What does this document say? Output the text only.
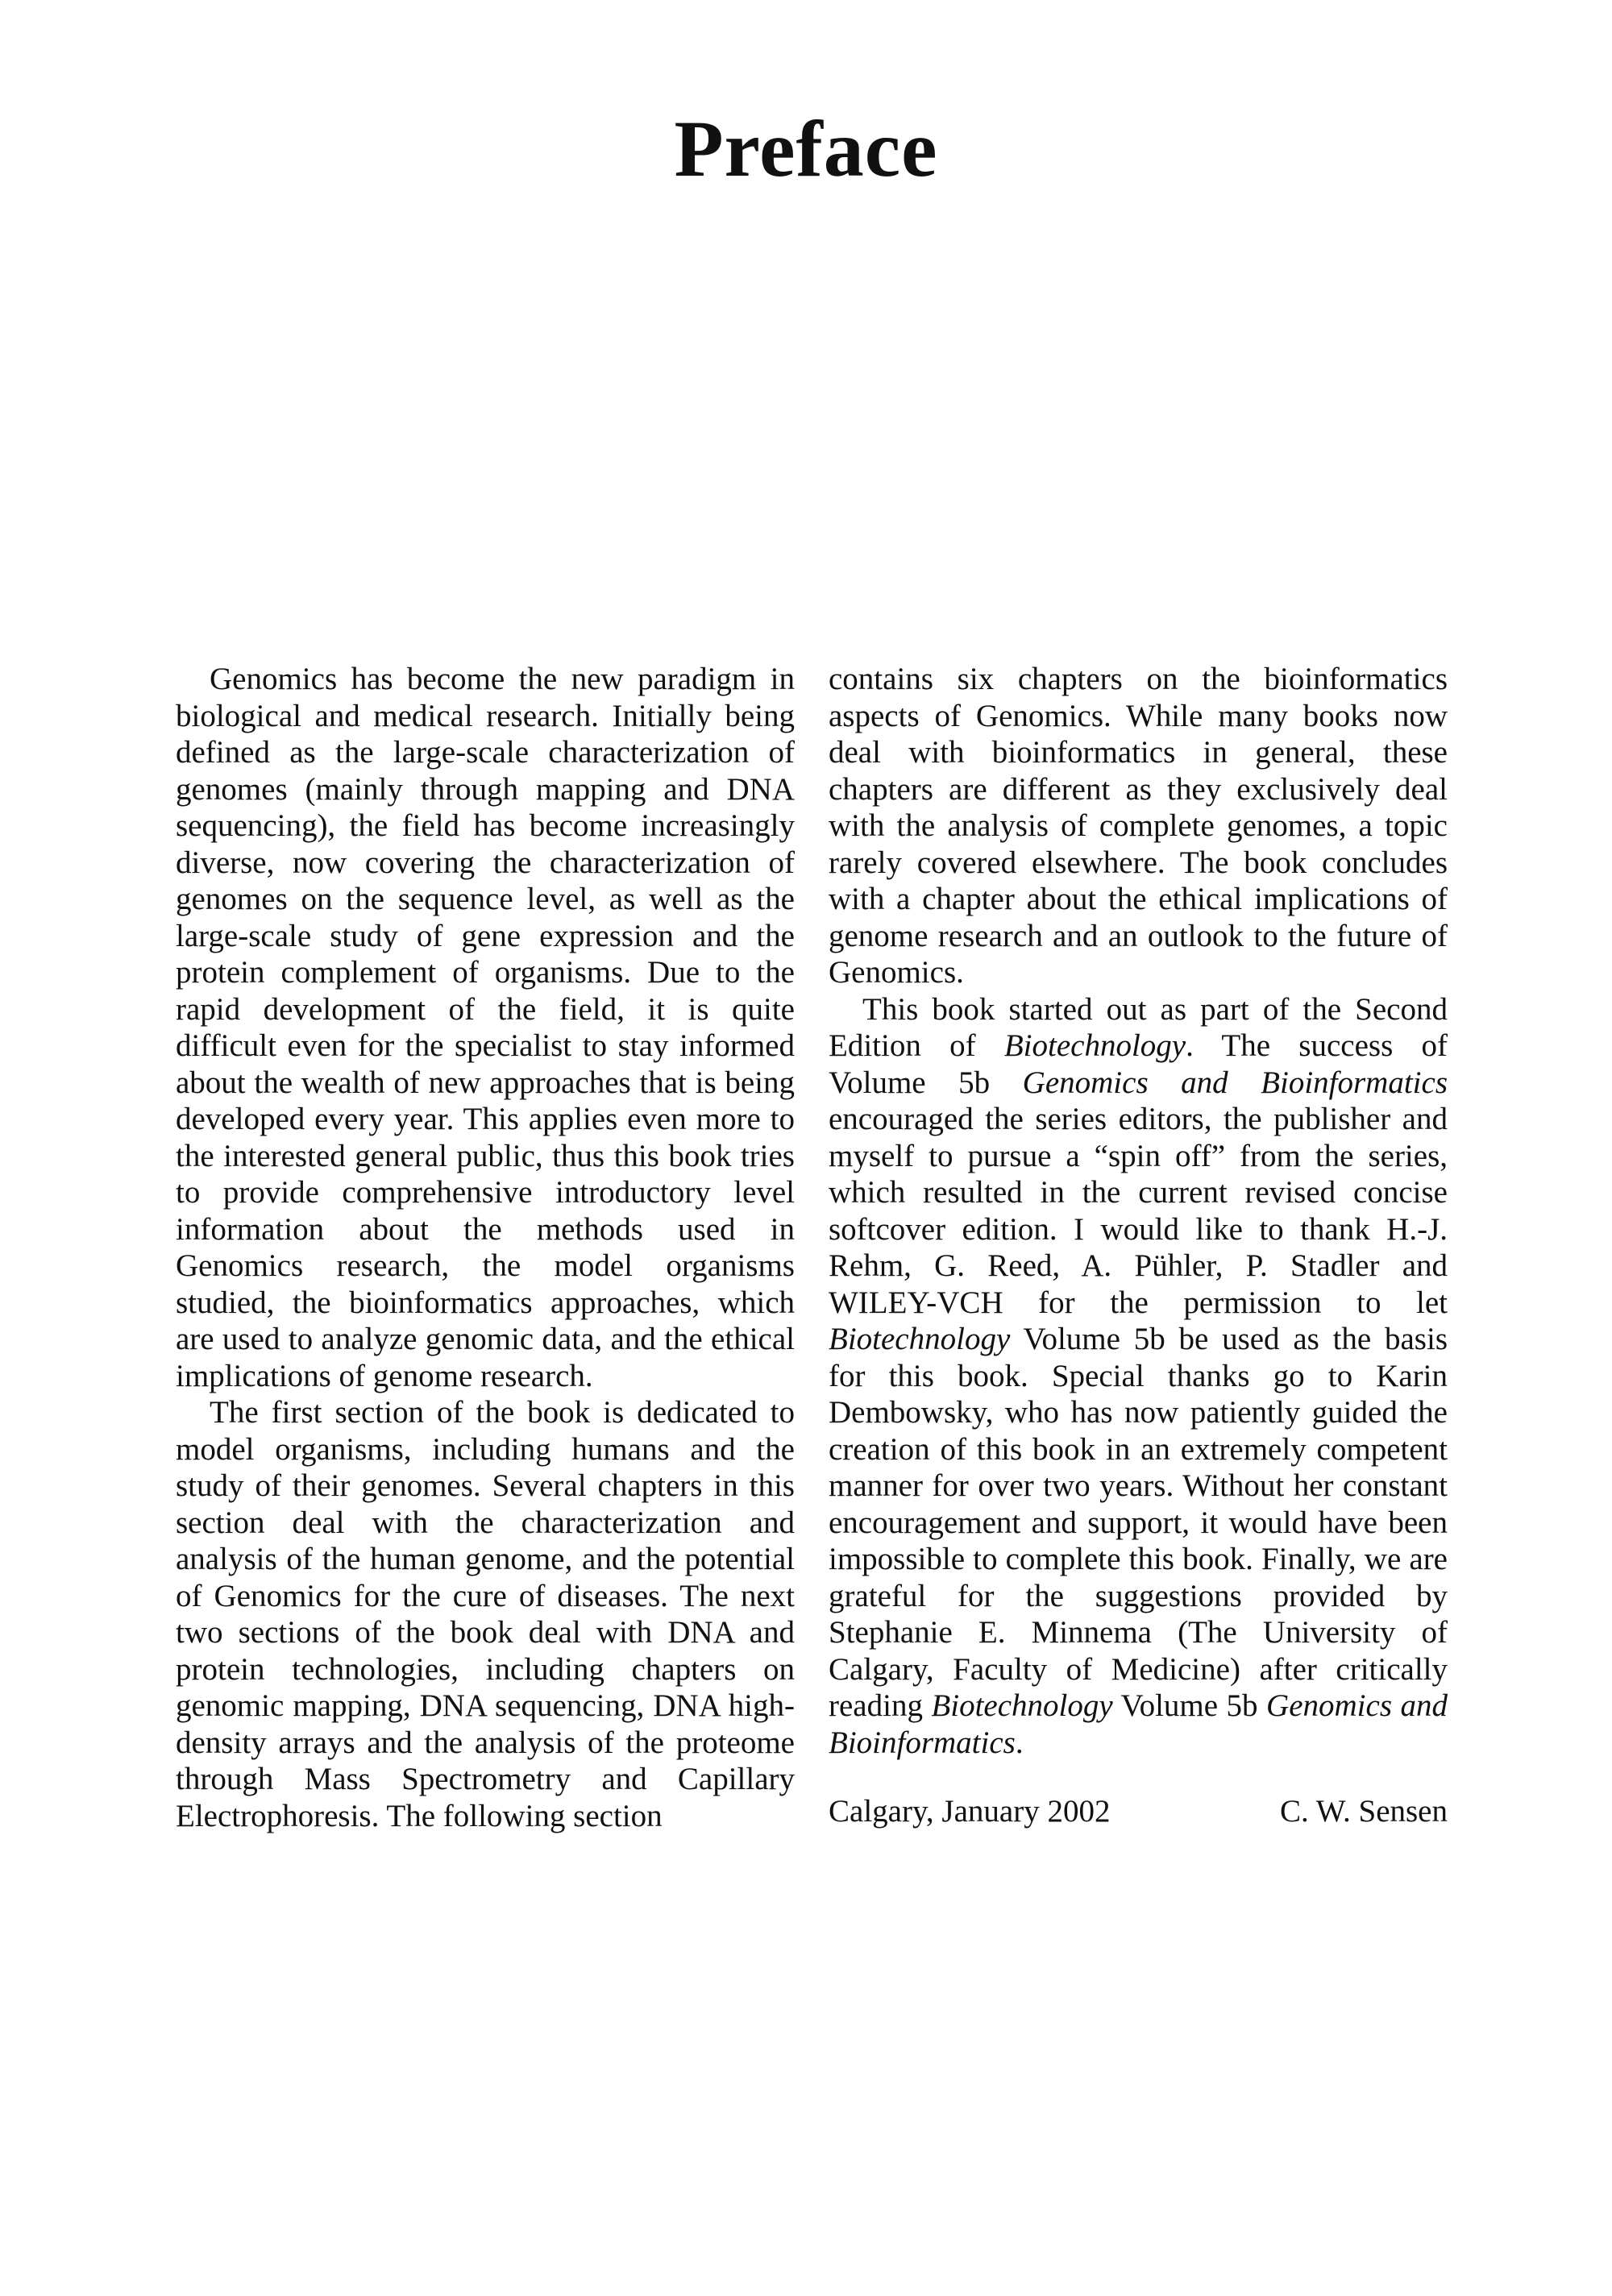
Preface

Genomics has become the new paradigm in biological and medical research. Initially being defined as the large-scale characterization of genomes (mainly through mapping and DNA sequencing), the field has become increasingly diverse, now covering the characterization of genomes on the sequence level, as well as the large-scale study of gene expression and the protein complement of organisms. Due to the rapid development of the field, it is quite difficult even for the specialist to stay informed about the wealth of new approaches that is being developed every year. This applies even more to the interested general public, thus this book tries to provide comprehensive introductory level information about the methods used in Genomics research, the model organisms studied, the bioinformatics approaches, which are used to analyze genomic data, and the ethical implications of genome research.

The first section of the book is dedicated to model organisms, including humans and the study of their genomes. Several chapters in this section deal with the characterization and analysis of the human genome, and the potential of Genomics for the cure of diseases. The next two sections of the book deal with DNA and protein technologies, including chapters on genomic mapping, DNA sequencing, DNA high-density arrays and the analysis of the proteome through Mass Spectrometry and Capillary Electrophoresis. The following section

contains six chapters on the bioinformatics aspects of Genomics. While many books now deal with bioinformatics in general, these chapters are different as they exclusively deal with the analysis of complete genomes, a topic rarely covered elsewhere. The book concludes with a chapter about the ethical implications of genome research and an outlook to the future of Genomics.

This book started out as part of the Second Edition of Biotechnology. The success of Volume 5b Genomics and Bioinformatics encouraged the series editors, the publisher and myself to pursue a “spin off” from the series, which resulted in the current revised concise softcover edition. I would like to thank H.-J. Rehm, G. Reed, A. Pühler, P. Stadler and WILEY-VCH for the permission to let Biotechnology Volume 5b be used as the basis for this book. Special thanks go to Karin Dembowsky, who has now patiently guided the creation of this book in an extremely competent manner for over two years. Without her constant encouragement and support, it would have been impossible to complete this book. Finally, we are grateful for the suggestions provided by Stephanie E. Minnema (The University of Calgary, Faculty of Medicine) after critically reading Biotechnology Volume 5b Genomics and Bioinformatics.

Calgary, January 2002	C. W. Sensen
